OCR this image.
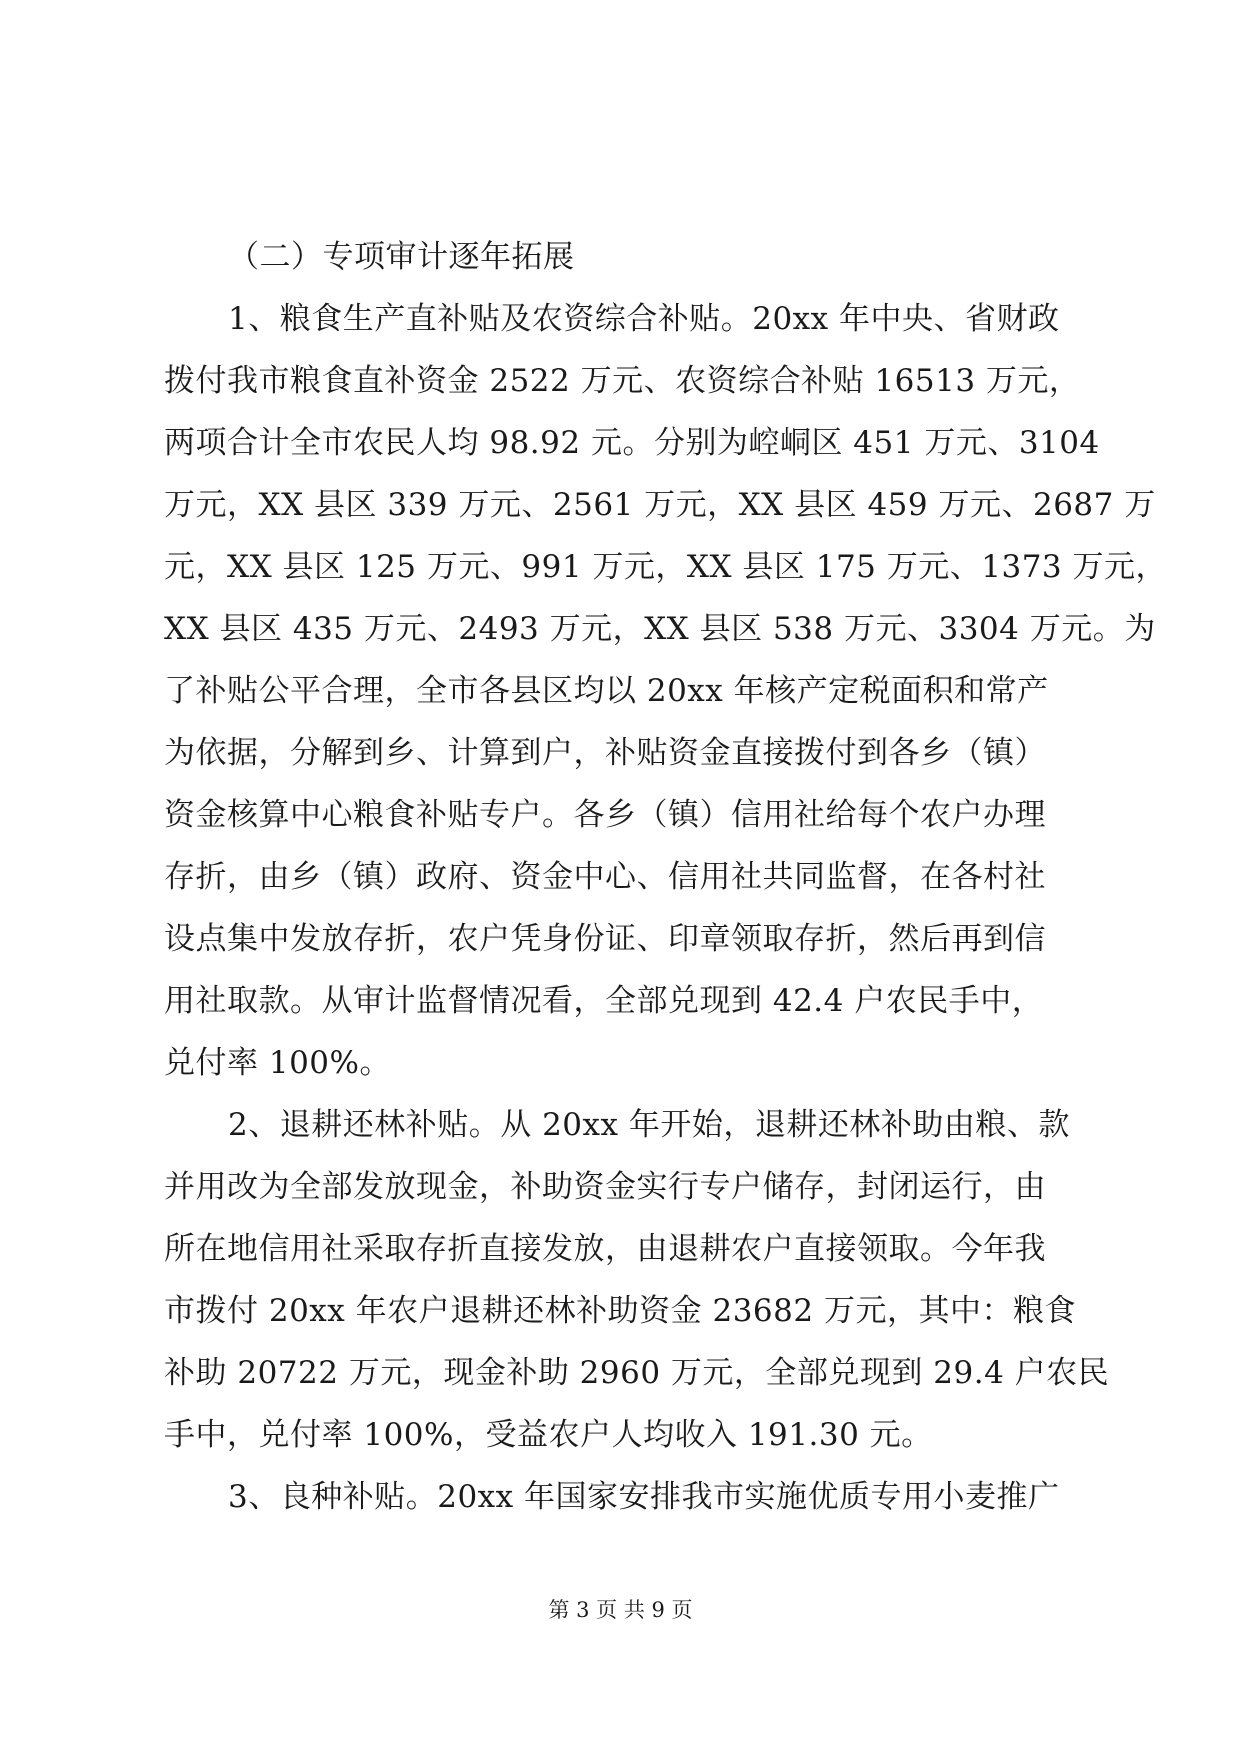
（二）专项审计逐年拓展
1、粮食生产直补贴及农资综合补贴。20xx 年中央、省财政
拨付我市粮食直补资金 2522 万元、农资综合补贴 16513 万元，
两项合计全市农民人均 98.92 元。分别为崆峒区 451 万元、3104
万元，XX 县区 339 万元、2561 万元，XX 县区 459 万元、2687 万
元，XX 县区 125 万元、991 万元，XX 县区 175 万元、1373 万元，
XX 县区 435 万元、2493 万元，XX 县区 538 万元、3304 万元。为
了补贴公平合理，全市各县区均以 20xx 年核产定税面积和常产
为依据，分解到乡、计算到户，补贴资金直接拨付到各乡（镇）
资金核算中心粮食补贴专户。各乡（镇）信用社给每个农户办理
存折，由乡（镇）政府、资金中心、信用社共同监督，在各村社
设点集中发放存折，农户凭身份证、印章领取存折，然后再到信
用社取款。从审计监督情况看，全部兑现到 42.4 户农民手中，
兑付率 100%。
2、退耕还林补贴。从 20xx 年开始，退耕还林补助由粮、款
并用改为全部发放现金，补助资金实行专户储存，封闭运行，由
所在地信用社采取存折直接发放，由退耕农户直接领取。今年我
市拨付 20xx 年农户退耕还林补助资金 23682 万元，其中：粮食
补助 20722 万元，现金补助 2960 万元，全部兑现到 29.4 户农民
手中，兑付率 100%，受益农户人均收入 191.30 元。
3、良种补贴。20xx 年国家安排我市实施优质专用小麦推广
第 3 页 共 9 页
